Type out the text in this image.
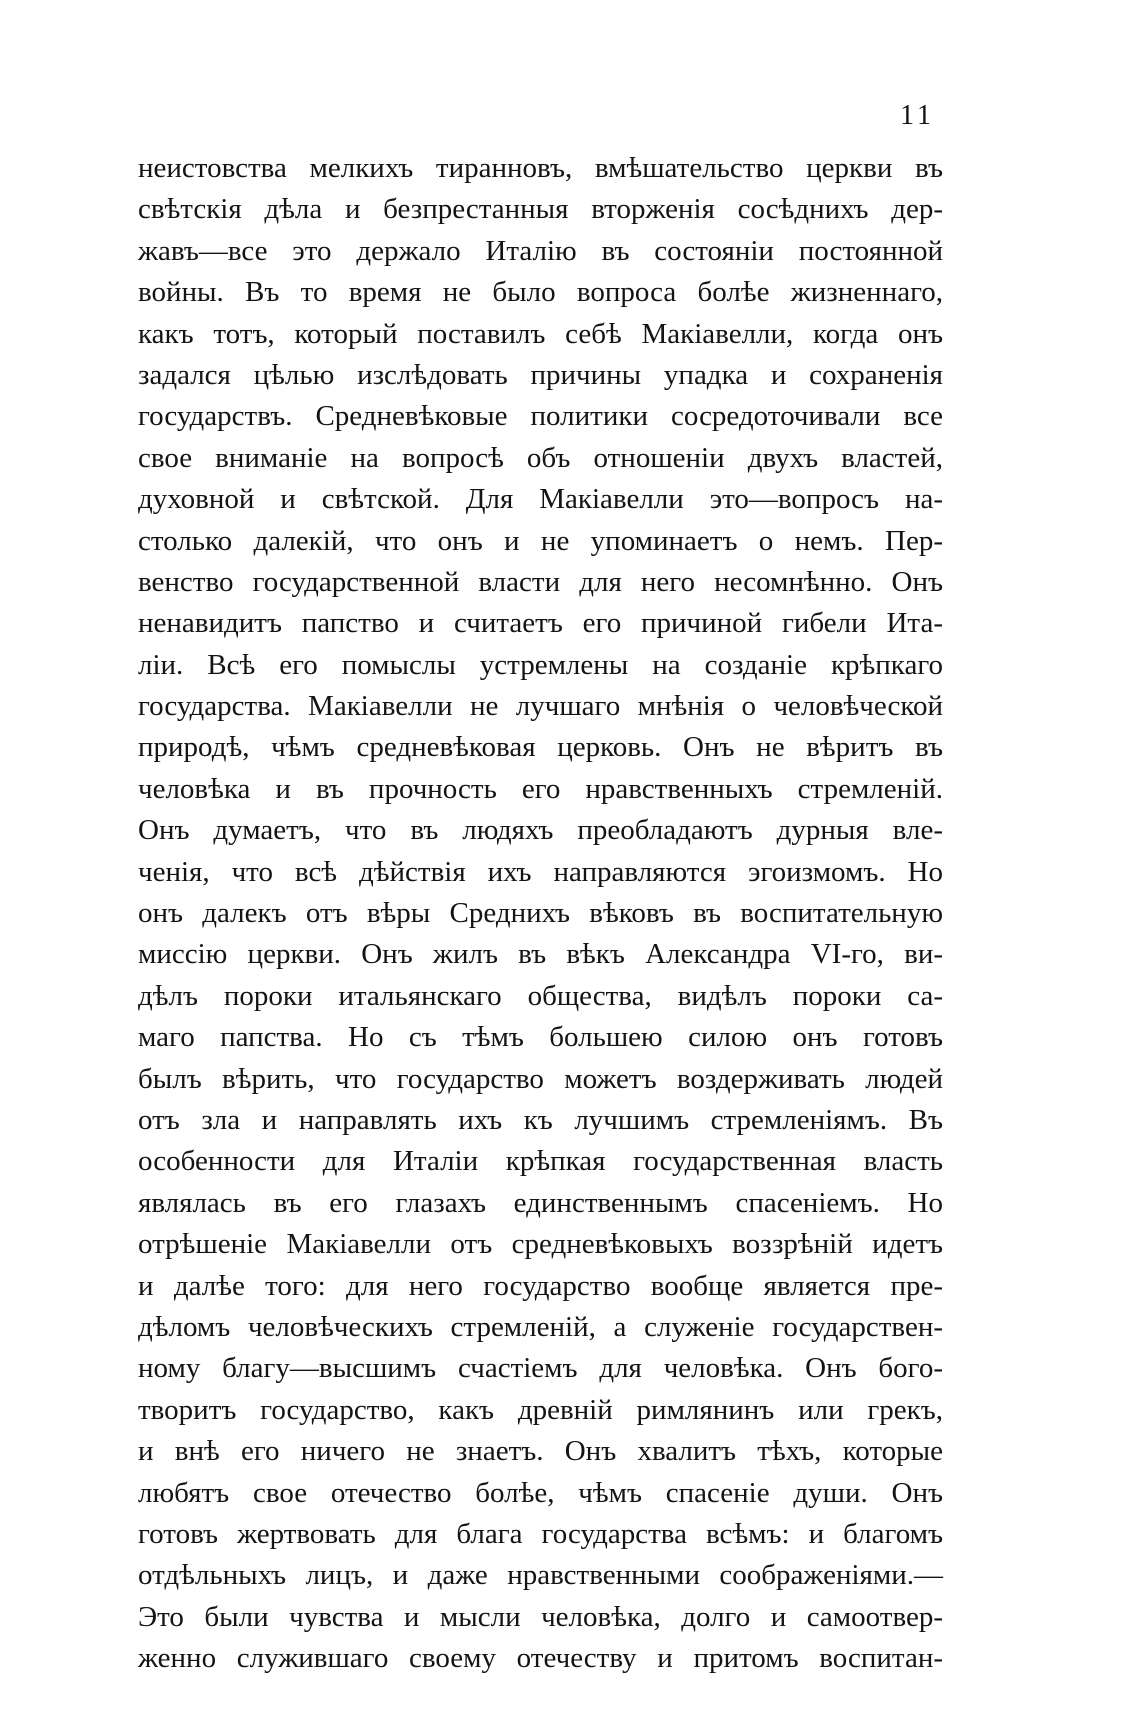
11
неистовства мелкихъ тиранновъ, вмѣшательство церкви въ
свѣтскія дѣла и безпрестанныя вторженія сосѣднихъ дер-
жавъ—все это держало Италію въ состояніи постоянной
войны. Въ то время не было вопроса болѣе жизненнаго,
какъ тотъ, который поставилъ себѣ Макіавелли, когда онъ
задался цѣлью изслѣдовать причины упадка и сохраненія
государствъ. Средневѣковые политики сосредоточивали все
свое вниманіе на вопросѣ объ отношеніи двухъ властей,
духовной и свѣтской. Для Макіавелли это—вопросъ на-
столько далекій, что онъ и не упоминаетъ о немъ. Пер-
венство государственной власти для него несомнѣнно. Онъ
ненавидитъ папство и считаетъ его причиной гибели Ита-
ліи. Всѣ его помыслы устремлены на созданіе крѣпкаго
государства. Макіавелли не лучшаго мнѣнія о человѣческой
природѣ, чѣмъ средневѣковая церковь. Онъ не вѣритъ въ
человѣка и въ прочность его нравственныхъ стремленій.
Онъ думаетъ, что въ людяхъ преобладаютъ дурныя вле-
ченія, что всѣ дѣйствія ихъ направляются эгоизмомъ. Но
онъ далекъ отъ вѣры Среднихъ вѣковъ въ воспитательную
миссію церкви. Онъ жилъ въ вѣкъ Александра VI-го, ви-
дѣлъ пороки итальянскаго общества, видѣлъ пороки са-
маго папства. Но съ тѣмъ большею силою онъ готовъ
былъ вѣрить, что государство можетъ воздерживать людей
отъ зла и направлять ихъ къ лучшимъ стремленіямъ. Въ
особенности для Италіи крѣпкая государственная власть
являлась въ его глазахъ единственнымъ спасеніемъ. Но
отрѣшеніе Макіавелли отъ средневѣковыхъ воззрѣній идетъ
и далѣе того: для него государство вообще является пре-
дѣломъ человѣческихъ стремленій, а служеніе государствен-
ному благу—высшимъ счастіемъ для человѣка. Онъ бого-
творитъ государство, какъ древній римлянинъ или грекъ,
и внѣ его ничего не знаетъ. Онъ хвалитъ тѣхъ, которые
любятъ свое отечество болѣе, чѣмъ спасеніе души. Онъ
готовъ жертвовать для блага государства всѣмъ: и благомъ
отдѣльныхъ лицъ, и даже нравственными соображеніями.—
Это были чувства и мысли человѣка, долго и самоотвер-
женно служившаго своему отечеству и притомъ воспитан-
